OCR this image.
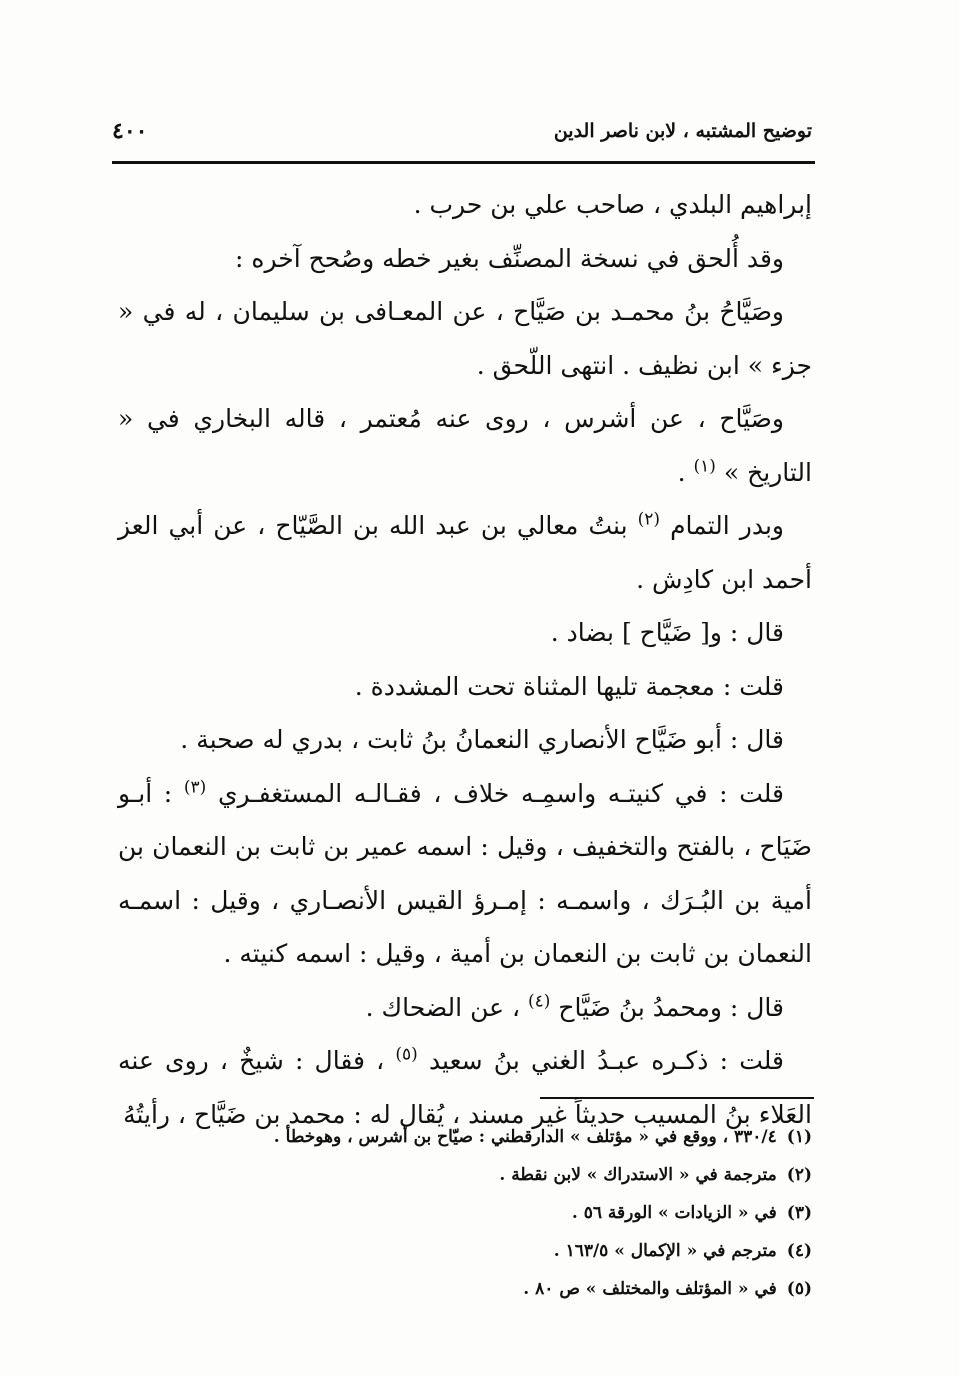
٤٠٠	توضيح المشتبه ، لابن ناصر الدين

إبراهيم البلدي ، صاحب علي بن حرب .

وقد أُلحق في نسخة المصنِّف بغير خطه وصُحح آخره :

وصَيَّاحُ بنُ محمـد بن صَيَّاح ، عن المعـافى بن سليمان ، له في « جزء » ابن نظيف . انتهى اللّحق .

وصَيَّاح ، عن أشرس ، روى عنه مُعتمر ، قاله البخاري في « التاريخ » $^{(١)}$ .

وبدر التمام $^{(٢)}$ بنتُ معالي بن عبد الله بن الصَّيّاح ، عن أبي العز أحمد ابن كادِش .

قال : و[ ضَيَّاح ] بضاد .

قلت : معجمة تليها المثناة تحت المشددة .

قال : أبو ضَيَّاح الأنصاري النعمانُ بنُ ثابت ، بدري له صحبة .

قلت : في كنيتـه واسمِـه خلاف ، فقـالـه المستغفـري $^{(٣)}$ : أبـو ضَيَاح ، بالفتح والتخفيف ، وقيل : اسمه عمير بن ثابت بن النعمان بن أمية بن البُـرَك ، واسمـه : إمـرؤ القيس الأنصـاري ، وقيل : اسمـه النعمان بن ثابت بن النعمان بن أمية ، وقيل : اسمه كنيته .

قال : ومحمدُ بنُ ضَيَّاح $^{(٤)}$ ، عن الضحاك .

قلت : ذكـره عبـدُ الغني بنُ سعيد $^{(٥)}$ ، فقال : شيخٌ ، روى عنه العَلاء بنُ المسيب حديثاً غير مسند ، يُقال له : محمد بن ضَيَّاح ، رأيتُهُ

(١)٣٣٠/٤ ، ووقع في « مؤتلف » الدارقطني : صيّاح بن أشرس ، وهوخطأ .
(٢)مترجمة في « الاستدراك » لابن نقطة .
(٣)في « الزيادات » الورقة ٥٦ .
(٤)مترجم في « الإكمال » ١٦٣/٥ .
(٥)في « المؤتلف والمختلف » ص ٨٠ .
